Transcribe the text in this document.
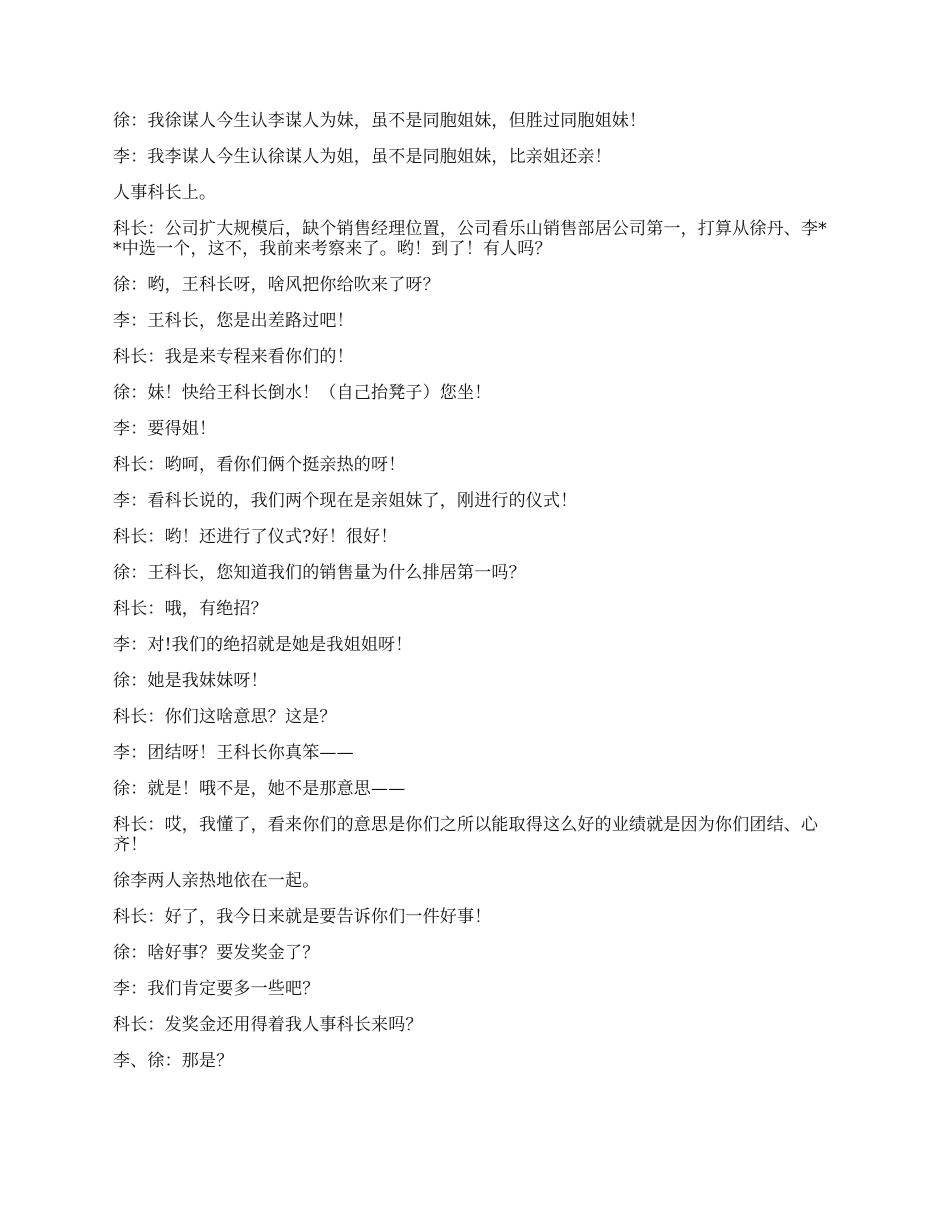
徐：我徐谋人今生认李谋人为妹，虽不是同胞姐妹，但胜过同胞姐妹！

李：我李谋人今生认徐谋人为姐，虽不是同胞姐妹，比亲姐还亲！

人事科长上。

科长：公司扩大规模后，缺个销售经理位置，公司看乐山销售部居公司第一，打算从徐丹、李**中选一个，这不，我前来考察来了。哟！到了！有人吗？

徐：哟，王科长呀，啥风把你给吹来了呀？

李：王科长，您是出差路过吧！

科长：我是来专程来看你们的！

徐：妹！快给王科长倒水！（自己抬凳子）您坐！

李：要得姐！

科长：哟呵，看你们俩个挺亲热的呀！

李：看科长说的，我们两个现在是亲姐妹了，刚进行的仪式！

科长：哟！还进行了仪式?好！很好！

徐：王科长，您知道我们的销售量为什么排居第一吗？

科长：哦，有绝招？

李：对!我们的绝招就是她是我姐姐呀！

徐：她是我妹妹呀！

科长：你们这啥意思？这是？

李：团结呀！王科长你真笨——

徐：就是！哦不是，她不是那意思——

科长：哎，我懂了，看来你们的意思是你们之所以能取得这么好的业绩就是因为你们团结、心齐！

徐李两人亲热地依在一起。

科长：好了，我今日来就是要告诉你们一件好事！

徐：啥好事？要发奖金了？

李：我们肯定要多一些吧？

科长：发奖金还用得着我人事科长来吗？

李、徐：那是？
